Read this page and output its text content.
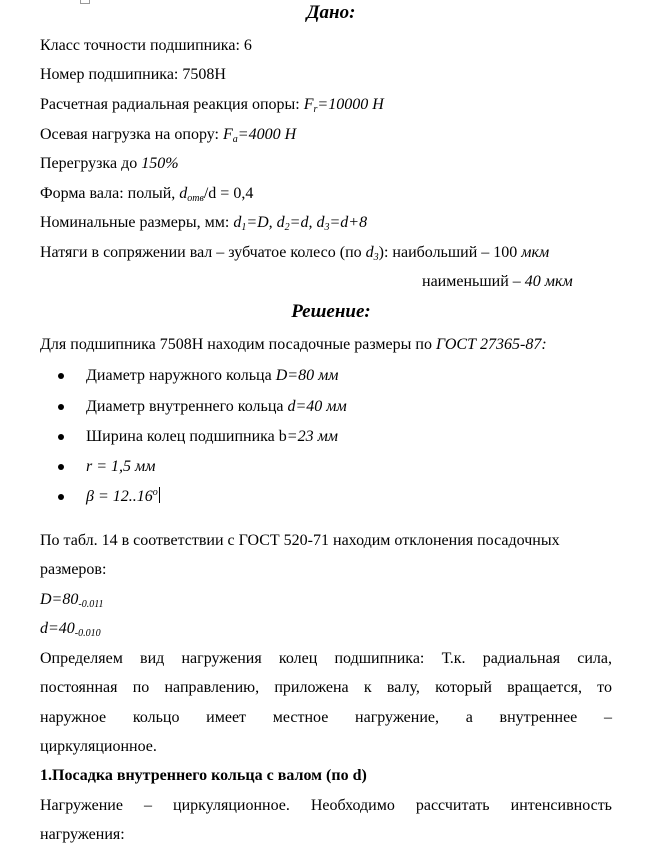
Дано:
Класс точности подшипника: 6
Номер подшипника: 7508H
Расчетная радиальная реакция опоры: $F_r=10000$ Н
Осевая нагрузка на опору: $F_a=4000$ Н
Перегрузка до 150%
Форма вала: полый, $d_{отв}/d = 0,4$
Номинальные размеры, мм: $d_1=D$, $d_2=d$, $d_3=d+8$
Натяги в сопряжении вал – зубчатое колесо (по $d_3$): наибольший – 100 мкм
наименьший – 40 мкм
Решение:
Для подшипника 7508H находим посадочные размеры по ГОСТ 27365-87:
Диаметр наружного кольца D=80 мм
Диаметр внутреннего кольца d=40 мм
Ширина колец подшипника b=23 мм
r = 1,5 мм
$\beta = 12..16^o$
По табл. 14 в соответствии с ГОСТ 520-71 находим отклонения посадочных
размеров:
$D=80_{-0.011}$
$d=40_{-0.010}$
Определяем вид нагружения колец подшипника: Т.к. радиальная сила,
постоянная по направлению, приложена к валу, который вращается, то
наружное кольцо имеет местное нагружение, а внутреннее –
циркуляционное.
1.Посадка внутреннего кольца с валом (по d)
Нагружение – циркуляционное. Необходимо рассчитать интенсивность
нагружения:
